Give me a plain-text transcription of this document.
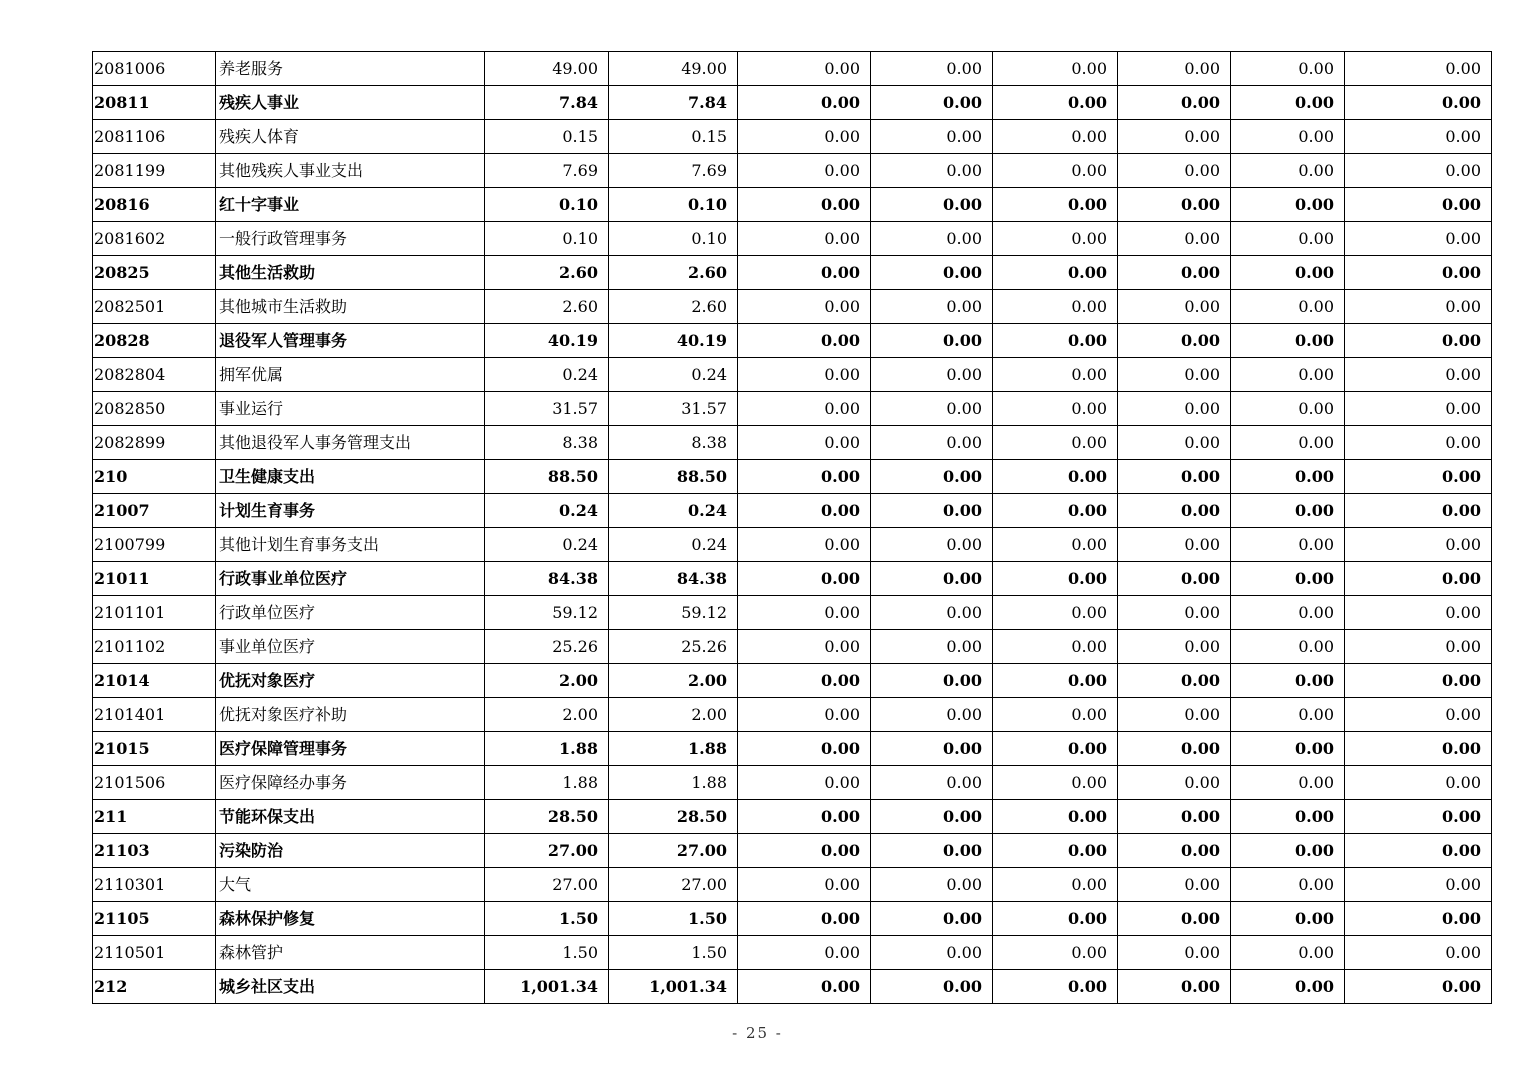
2081006	养老服务	49.00	49.00	0.00	0.00	0.00	0.00	0.00	0.00
20811	残疾人事业	7.84	7.84	0.00	0.00	0.00	0.00	0.00	0.00
2081106	残疾人体育	0.15	0.15	0.00	0.00	0.00	0.00	0.00	0.00
2081199	其他残疾人事业支出	7.69	7.69	0.00	0.00	0.00	0.00	0.00	0.00
20816	红十字事业	0.10	0.10	0.00	0.00	0.00	0.00	0.00	0.00
2081602	一般行政管理事务	0.10	0.10	0.00	0.00	0.00	0.00	0.00	0.00
20825	其他生活救助	2.60	2.60	0.00	0.00	0.00	0.00	0.00	0.00
2082501	其他城市生活救助	2.60	2.60	0.00	0.00	0.00	0.00	0.00	0.00
20828	退役军人管理事务	40.19	40.19	0.00	0.00	0.00	0.00	0.00	0.00
2082804	拥军优属	0.24	0.24	0.00	0.00	0.00	0.00	0.00	0.00
2082850	事业运行	31.57	31.57	0.00	0.00	0.00	0.00	0.00	0.00
2082899	其他退役军人事务管理支出	8.38	8.38	0.00	0.00	0.00	0.00	0.00	0.00
210	卫生健康支出	88.50	88.50	0.00	0.00	0.00	0.00	0.00	0.00
21007	计划生育事务	0.24	0.24	0.00	0.00	0.00	0.00	0.00	0.00
2100799	其他计划生育事务支出	0.24	0.24	0.00	0.00	0.00	0.00	0.00	0.00
21011	行政事业单位医疗	84.38	84.38	0.00	0.00	0.00	0.00	0.00	0.00
2101101	行政单位医疗	59.12	59.12	0.00	0.00	0.00	0.00	0.00	0.00
2101102	事业单位医疗	25.26	25.26	0.00	0.00	0.00	0.00	0.00	0.00
21014	优抚对象医疗	2.00	2.00	0.00	0.00	0.00	0.00	0.00	0.00
2101401	优抚对象医疗补助	2.00	2.00	0.00	0.00	0.00	0.00	0.00	0.00
21015	医疗保障管理事务	1.88	1.88	0.00	0.00	0.00	0.00	0.00	0.00
2101506	医疗保障经办事务	1.88	1.88	0.00	0.00	0.00	0.00	0.00	0.00
211	节能环保支出	28.50	28.50	0.00	0.00	0.00	0.00	0.00	0.00
21103	污染防治	27.00	27.00	0.00	0.00	0.00	0.00	0.00	0.00
2110301	大气	27.00	27.00	0.00	0.00	0.00	0.00	0.00	0.00
21105	森林保护修复	1.50	1.50	0.00	0.00	0.00	0.00	0.00	0.00
2110501	森林管护	1.50	1.50	0.00	0.00	0.00	0.00	0.00	0.00
212	城乡社区支出	1,001.34	1,001.34	0.00	0.00	0.00	0.00	0.00	0.00
- 25 -
